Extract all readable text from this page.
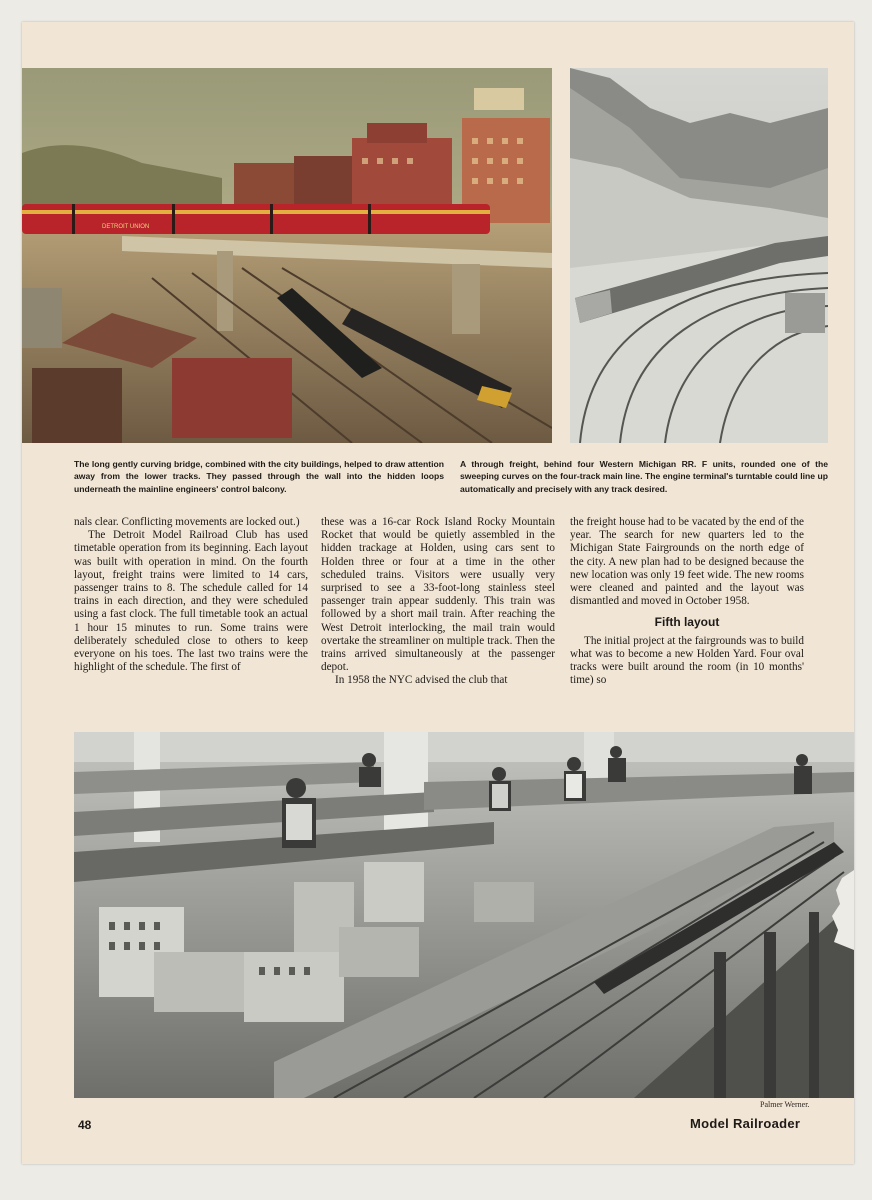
DETROIT UNION

The long gently curving bridge, combined with the city buildings, helped to draw attention away from the lower tracks. They passed through the wall into the hidden loops underneath the mainline engineers' control balcony.

A through freight, behind four Western Michigan RR. F units, rounded one of the sweeping curves on the four-track main line. The engine terminal's turntable could line up automatically and precisely with any track desired.

nals clear. Conflicting movements are locked out.)

The Detroit Model Railroad Club has used timetable operation from its beginning. Each layout was built with operation in mind. On the fourth layout, freight trains were limited to 14 cars, passenger trains to 8. The schedule called for 14 trains in each direction, and they were scheduled using a fast clock. The full timetable took an actual 1 hour 15 minutes to run. Some trains were deliberately scheduled close to others to keep everyone on his toes. The last two trains were the highlight of the schedule. The first of

these was a 16-car Rock Island Rocky Mountain Rocket that would be quietly assembled in the hidden trackage at Holden, using cars sent to Holden three or four at a time in the other scheduled trains. Visitors were usually very surprised to see a 33-foot-long stainless steel passenger train appear suddenly. This train was followed by a short mail train. After reaching the West Detroit interlocking, the mail train would overtake the streamliner on multiple track. Then the trains arrived simultaneously at the passenger depot.

In 1958 the NYC advised the club that

the freight house had to be vacated by the end of the year. The search for new quarters led to the Michigan State Fairgrounds on the north edge of the city. A new plan had to be designed because the new location was only 19 feet wide. The new rooms were cleaned and painted and the layout was dismantled and moved in October 1958.

Fifth layout

The initial project at the fairgrounds was to build what was to become a new Holden Yard. Four oval tracks were built around the room (in 10 months' time) so

Palmer Werner.
48	Model Railroader
